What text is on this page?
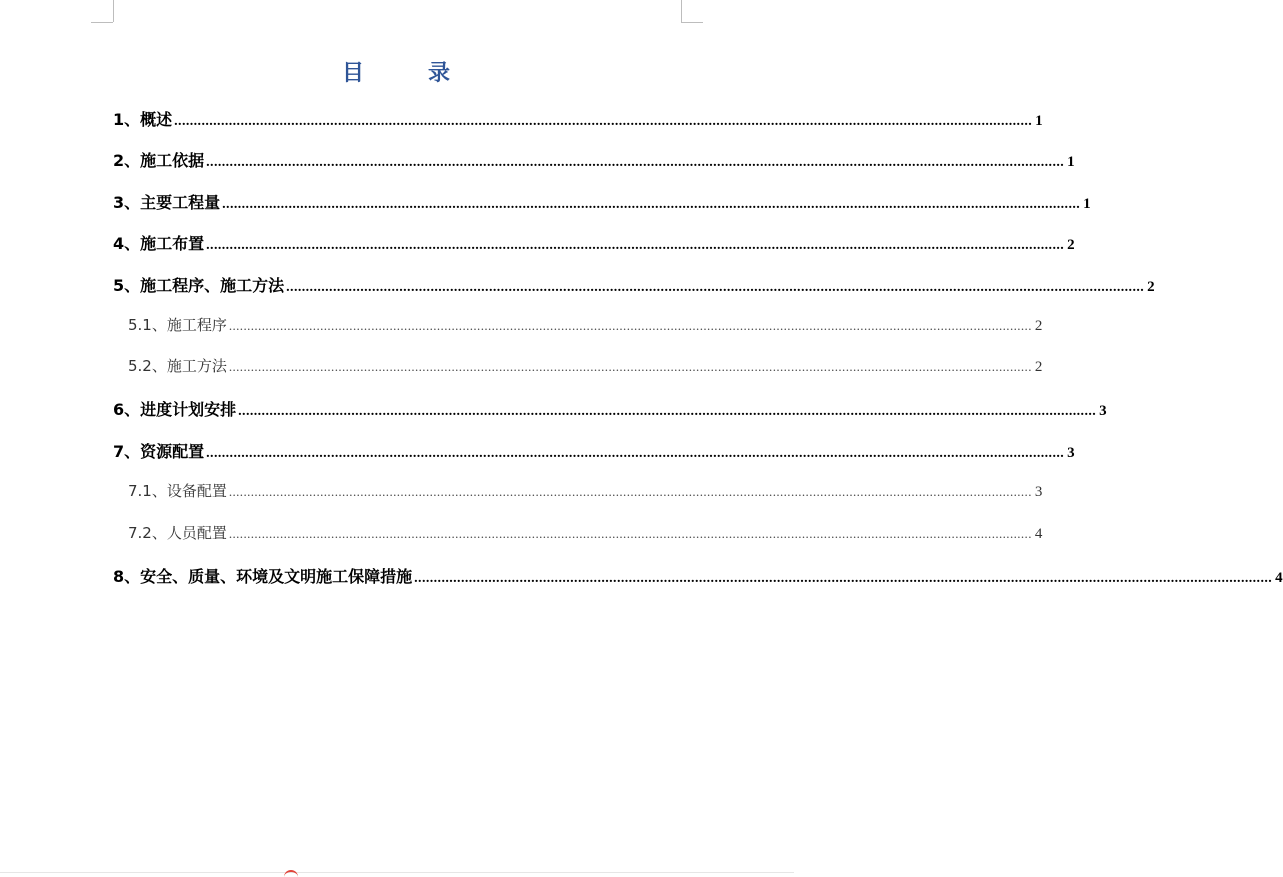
目	录
1、概述 ............................................................................................................................................................................................................................ 1
2、施工依据 ............................................................................................................................................................................................................................ 1
3、主要工程量 ............................................................................................................................................................................................................................ 1
4、施工布置 ............................................................................................................................................................................................................................ 2
5、施工程序、施工方法 ............................................................................................................................................................................................................................ 2
5.1、施工程序 ............................................................................................................................................................................................................................ 2
5.2、施工方法 ............................................................................................................................................................................................................................ 2
6、进度计划安排 ............................................................................................................................................................................................................................ 3
7、资源配置 ............................................................................................................................................................................................................................ 3
7.1、设备配置 ............................................................................................................................................................................................................................ 3
7.2、人员配置 ............................................................................................................................................................................................................................ 4
8、安全、质量、环境及文明施工保障措施 ............................................................................................................................................................................................................................ 4
